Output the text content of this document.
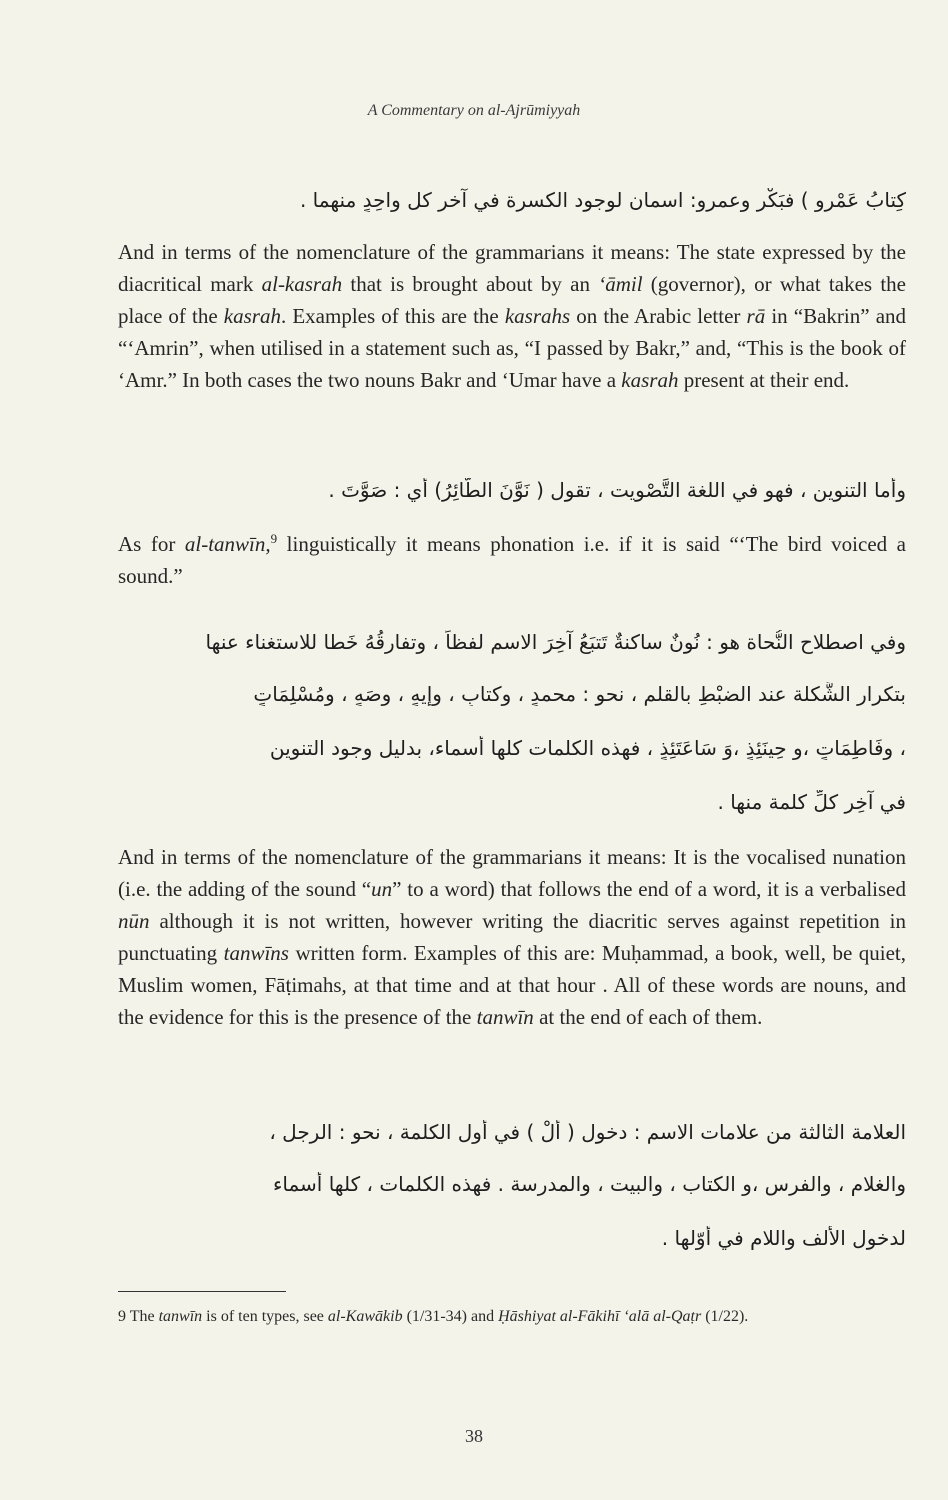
A Commentary on al-Ajrūmiyyah
كِتابُ عَمْرٍو ) فبَكْرٍ وعمرو: اسمان لوجود الكسرة في آخر كل واحِدٍ منهما .

And in terms of the nomenclature of the grammarians it means: The state expressed by the diacritical mark al-kasrah that is brought about by an ‘āmil (governor), or what takes the place of the kasrah. Examples of this are the kasrahs on the Arabic letter rā in “Bakrin” and “‘Amrin”, when utilised in a statement such as, “I passed by Bakr,” and, “This is the book of ‘Amr.” In both cases the two nouns Bakr and ‘Umar have a kasrah present at their end.

وأما التنوين ، فهو في اللغة التَّصْوِيت ، تقول ( نَوَّنَ الطَّائِرُ) أي : صَوَّتَ .

As for al-tanwīn,$^9$ linguistically it means phonation i.e. if it is said “‘The bird voiced a sound.”

وفي اصطلاح النُّحاة هو : نُونٌ ساكنةٌ تَتبَعُ آخِرَ الاسم لفظاً ، وتفارِقُهُ خَطا للاستغناء عنها
بتكرار الشَّكلة عند الضبْطِ بالقلم ، نحو : محمدٍ ، وكتابٍ ، وإيهٍ ، وصَهٍ ، ومُسْلِمَاتٍ
، وفَاطِمَاتٍ ،و حِينَئِذٍ ،وَ سَاعَتَئِذٍ ، فهذه الكلمات كلها أسماء، بدليل وجود التنوين
في آخِرِ كلِّ كلمة منها .

And in terms of the nomenclature of the grammarians it means: It is the vocalised nunation (i.e. the adding of the sound “un” to a word) that follows the end of a word, it is a verbalised nūn although it is not written, however writing the diacritic serves against repetition in punctuating tanwīns written form. Examples of this are: Muḥammad, a book, well, be quiet, Muslim women, Fāṭimahs, at that time and at that hour . All of these words are nouns, and the evidence for this is the presence of the tanwīn at the end of each of them.

العلامة الثالثة من علامات الاسم : دخول ( أَلْ ) في أول الكلمة ، نحو : الرجل ،
والغلام ، والفرس ،و الكتاب ، والبيت ، والمدرسة . فهذه الكلمات ، كلها أسماء
لدخول الألف واللام في أوّلها .
9 The tanwīn is of ten types, see al-Kawākib (1/31-34) and Ḥāshiyat al-Fākihī ‘alā al-Qaṭr (1/22).
38
